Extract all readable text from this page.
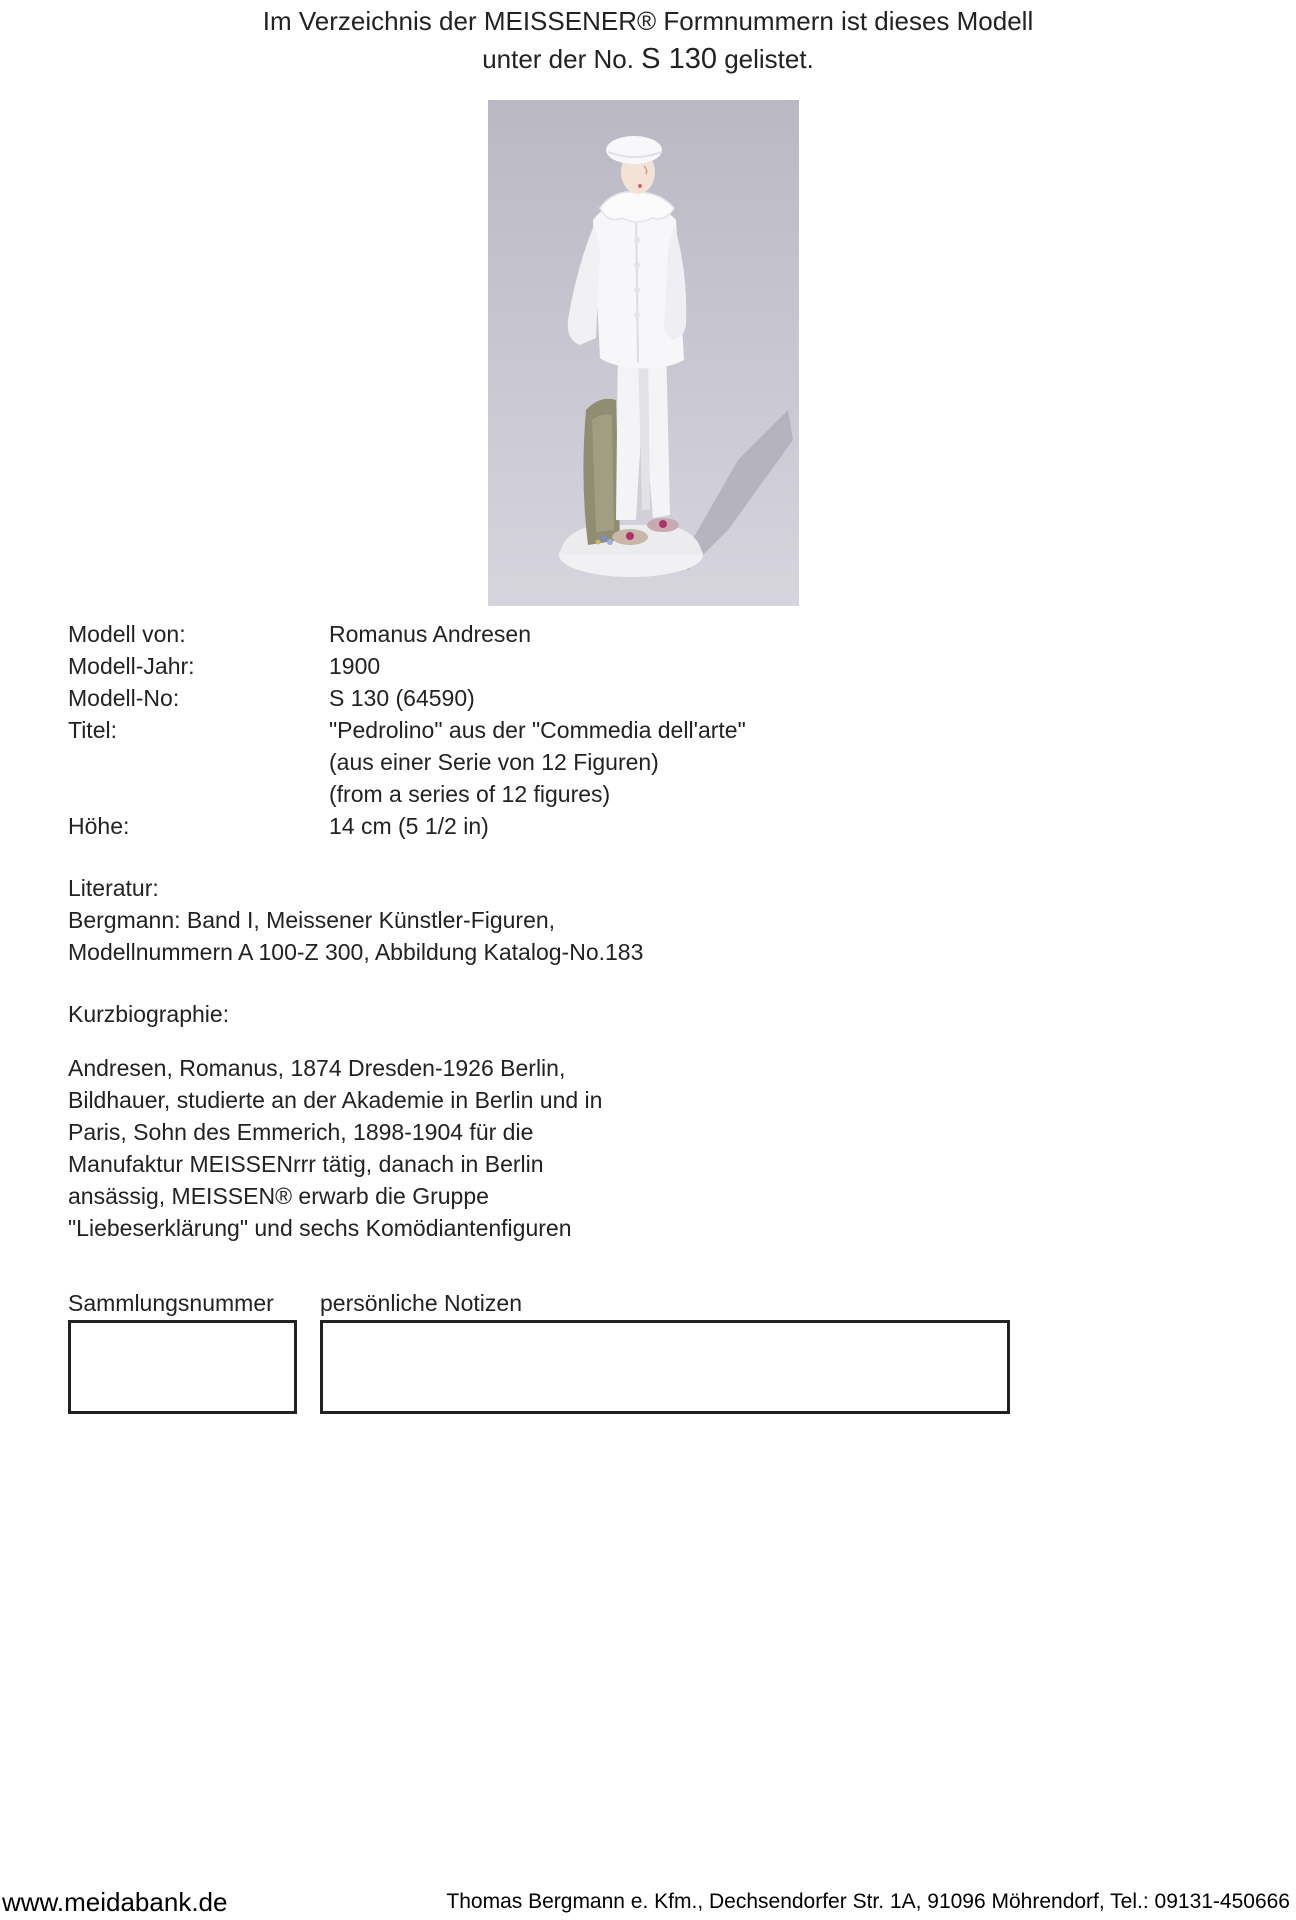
Im Verzeichnis der MEISSENER® Formnummern ist dieses Modell
unter der No. S 130 gelistet.
Modell von:	Romanus Andresen
Modell-Jahr:	1900
Modell-No:	S 130 (64590)
Titel:	"Pedrolino" aus der "Commedia dell'arte"
(aus einer Serie von 12 Figuren)
(from a series of 12 figures)
Höhe:	14 cm (5 1/2 in)
Literatur:
Bergmann: Band I, Meissener Künstler-Figuren,
Modellnummern A 100-Z 300, Abbildung Katalog-No.183
Kurzbiographie:
Andresen, Romanus, 1874 Dresden-1926 Berlin,
Bildhauer, studierte an der Akademie in Berlin und in
Paris, Sohn des Emmerich, 1898-1904 für die
Manufaktur MEISSENrrr tätig, danach in Berlin
ansässig, MEISSEN® erwarb die Gruppe
"Liebeserklärung" und sechs Komödiantenfiguren
Sammlungsnummer persönliche Notizen
www.meidabank.de	Thomas Bergmann e. Kfm., Dechsendorfer Str. 1A, 91096 Möhrendorf, Tel.: 09131-450666
